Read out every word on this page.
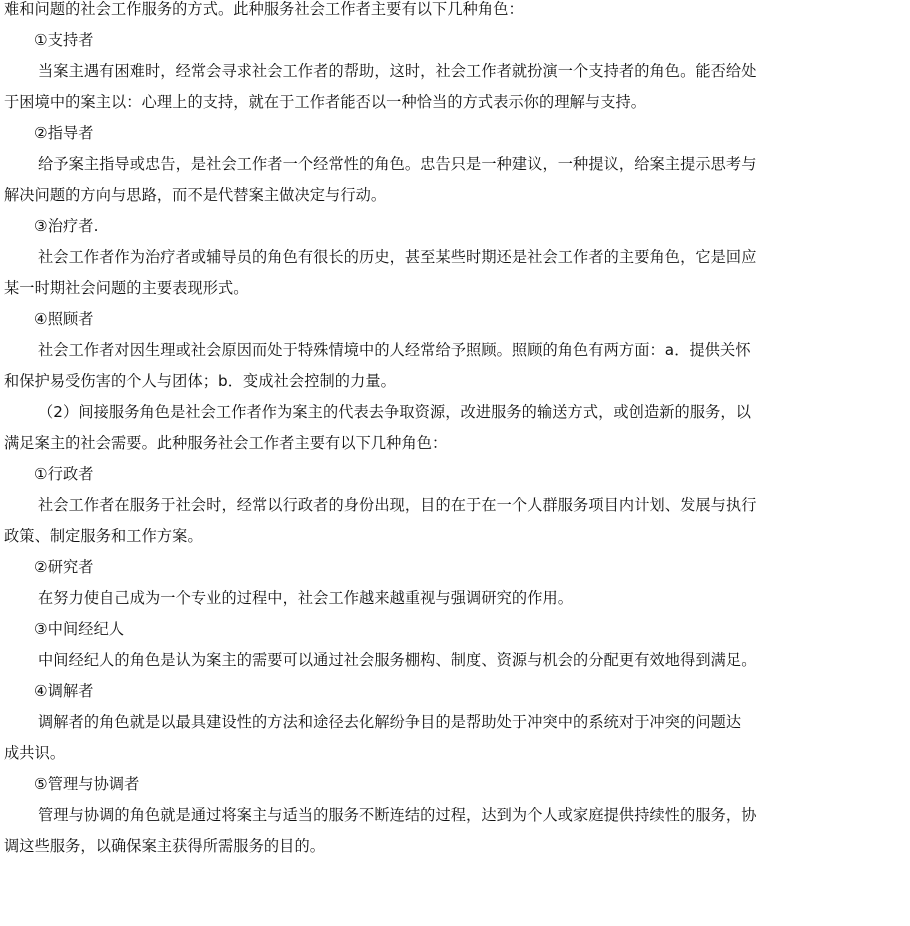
难和问题的社会工作服务的方式。此种服务社会工作者主要有以下几种角色：
①支持者
当案主遇有困难时，经常会寻求社会工作者的帮助，这时，社会工作者就扮演一个支持者的角色。能否给处
于困境中的案主以：心理上的支持，就在于工作者能否以一种恰当的方式表示你的理解与支持。
②指导者
给予案主指导或忠告，是社会工作者一个经常性的角色。忠告只是一种建议，一种提议，给案主提示思考与
解决问题的方向与思路，而不是代替案主做决定与行动。
③治疗者.
社会工作者作为治疗者或辅导员的角色有很长的历史，甚至某些时期还是社会工作者的主要角色，它是回应
某一时期社会问题的主要表现形式。
④照顾者
社会工作者对因生理或社会原因而处于特殊情境中的人经常给予照顾。照顾的角色有两方面：a．提供关怀
和保护易受伤害的个人与团体；b．变成社会控制的力量。
（2）间接服务角色是社会工作者作为案主的代表去争取资源，改进服务的输送方式，或创造新的服务，以
满足案主的社会需要。此种服务社会工作者主要有以下几种角色：
①行政者
社会工作者在服务于社会时，经常以行政者的身份出现，目的在于在一个人群服务项目内计划、发展与执行
政策、制定服务和工作方案。
②研究者
在努力使自己成为一个专业的过程中，社会工作越来越重视与强调研究的作用。
③中间经纪人
中间经纪人的角色是认为案主的需要可以通过社会服务棚构、制度、资源与机会的分配更有效地得到满足。
④调解者
调解者的角色就是以最具建设性的方法和途径去化解纷争目的是帮助处于冲突中的系统对于冲突的问题达
成共识。
⑤管理与协调者
管理与协调的角色就是通过将案主与适当的服务不断连结的过程，达到为个人或家庭提供持续性的服务，协
调这些服务，以确保案主获得所需服务的目的。
